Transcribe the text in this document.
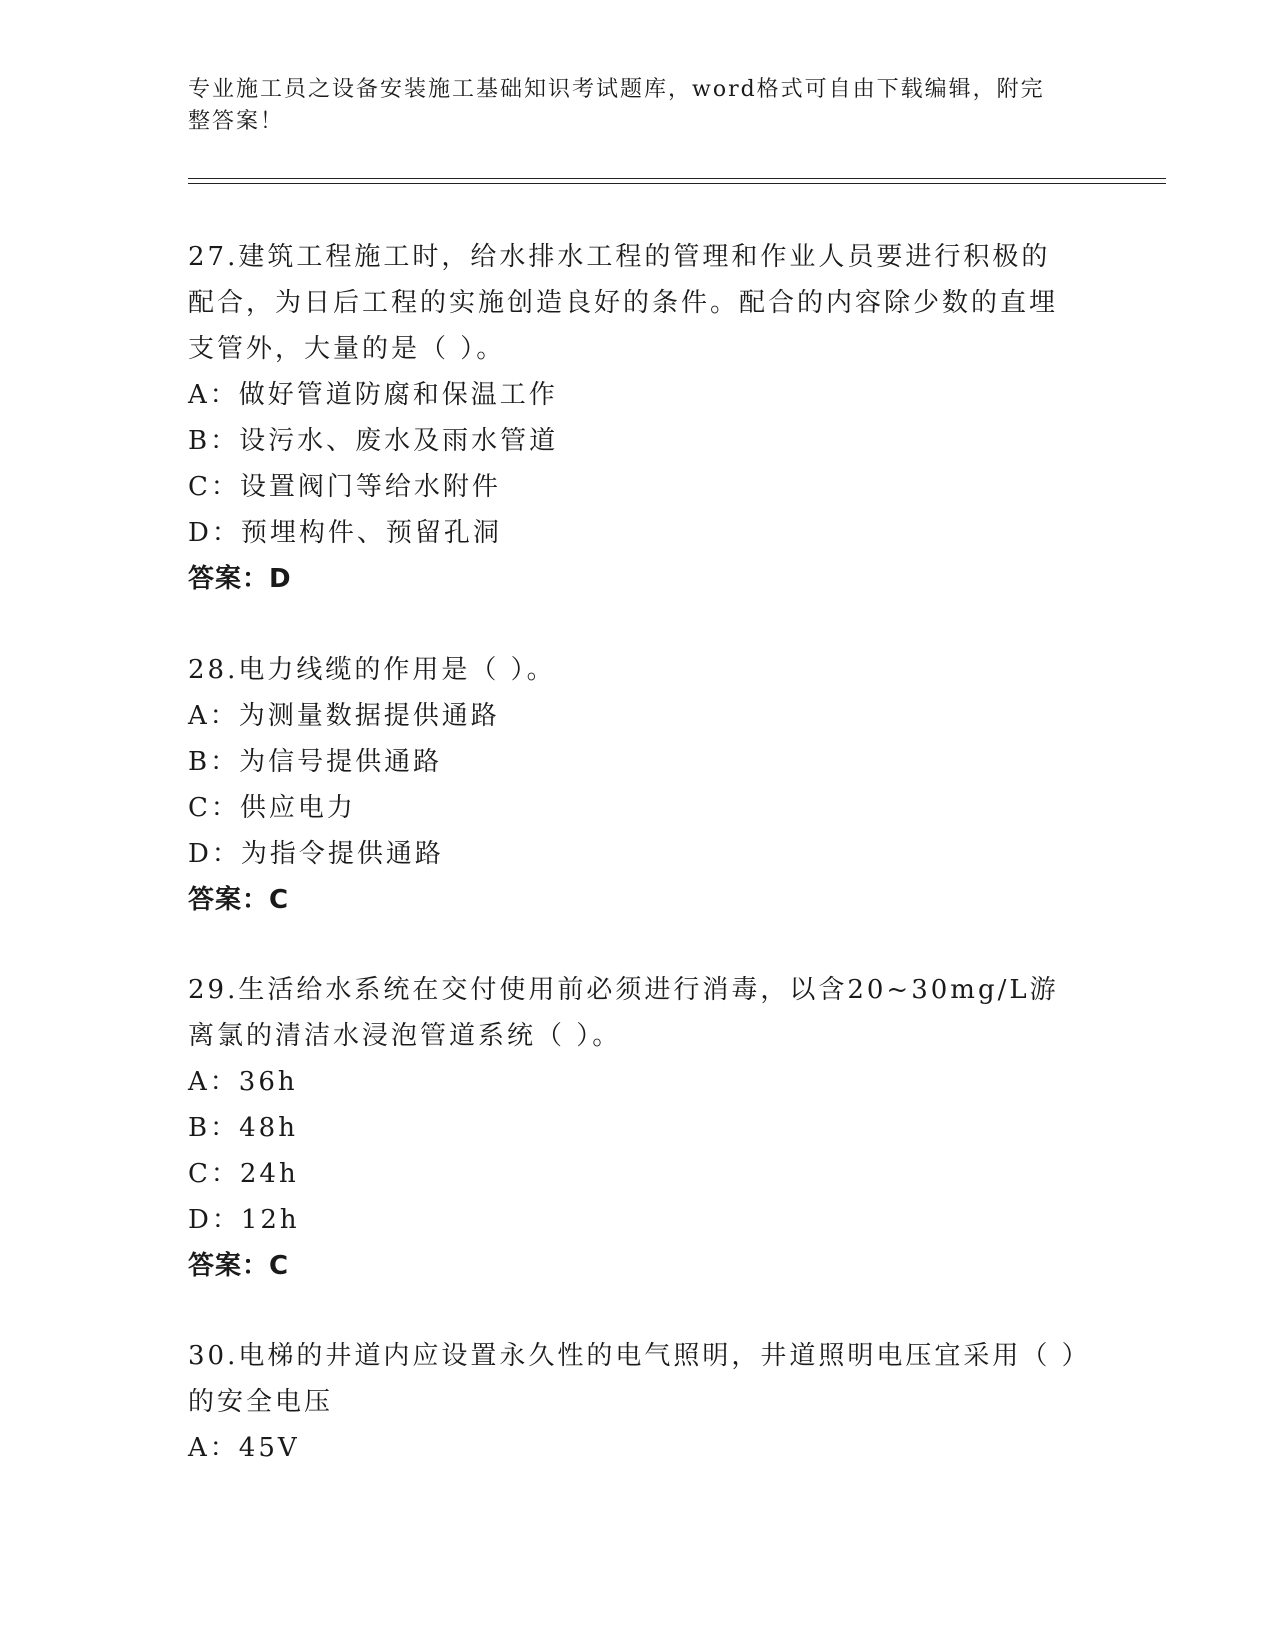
专业施工员之设备安装施工基础知识考试题库，word格式可自由下载编辑，附完整答案！

27.建筑工程施工时，给水排水工程的管理和作业人员要进行积极的配合，为日后工程的实施创造良好的条件。配合的内容除少数的直埋支管外，大量的是（ ）。

A：做好管道防腐和保温工作

B：设污水、废水及雨水管道

C：设置阀门等给水附件

D：预埋构件、预留孔洞

答案：D

28.电力线缆的作用是（ ）。

A：为测量数据提供通路

B：为信号提供通路

C：供应电力

D：为指令提供通路

答案：C

29.生活给水系统在交付使用前必须进行消毒，以含20~30mg/L游离氯的清洁水浸泡管道系统（ ）。

A：36h

B：48h

C：24h

D：12h

答案：C

30.电梯的井道内应设置永久性的电气照明，井道照明电压宜采用（ ）的安全电压

A：45V
